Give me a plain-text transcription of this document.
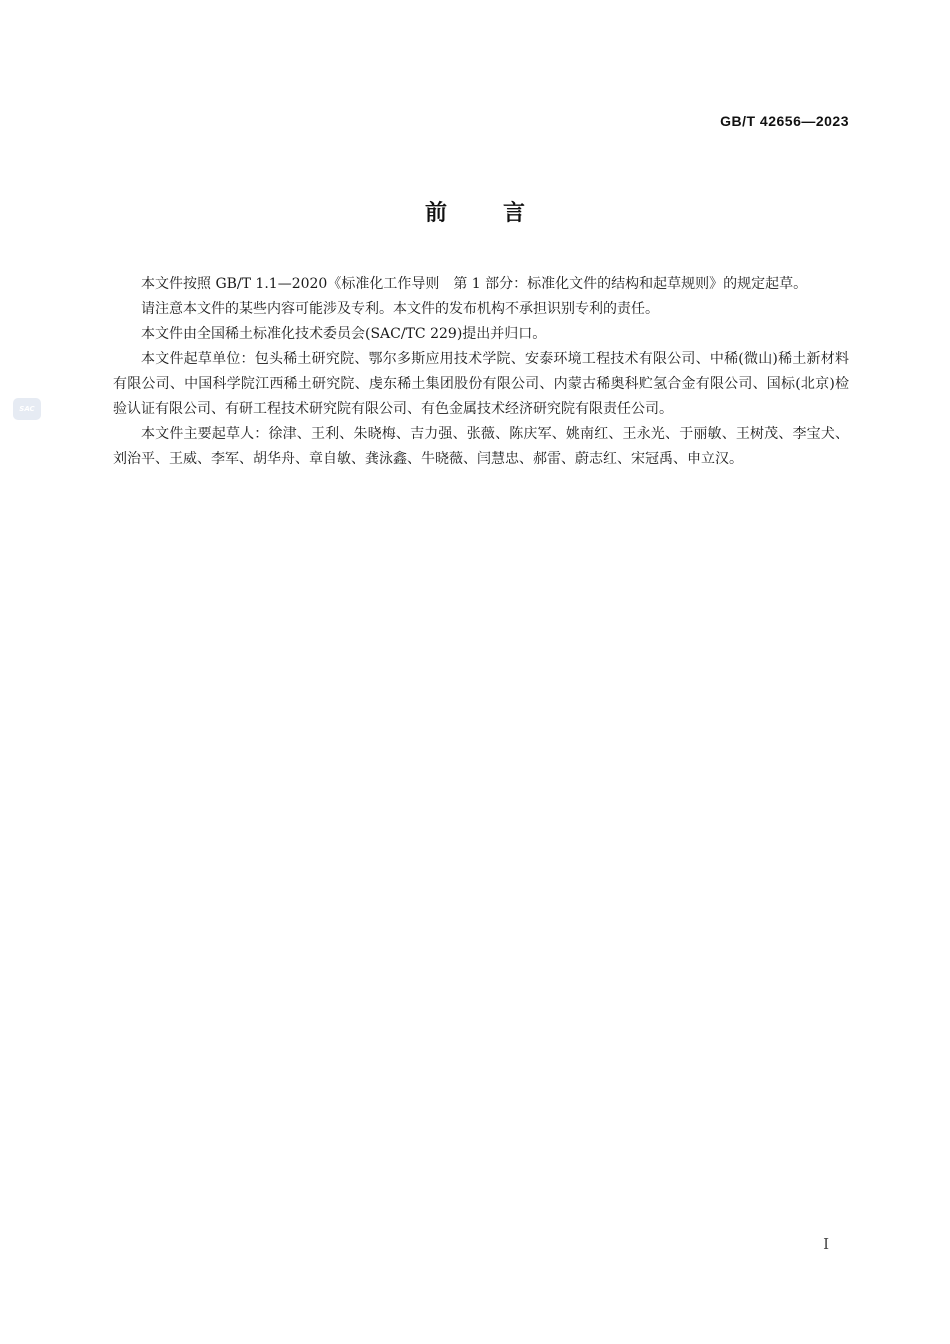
GB/T 42656—2023
SAC
前言

本文件按照 GB/T 1.1—2020《标准化工作导则　第 1 部分：标准化文件的结构和起草规则》的规定起草。

请注意本文件的某些内容可能涉及专利。本文件的发布机构不承担识别专利的责任。

本文件由全国稀土标准化技术委员会(SAC/TC 229)提出并归口。

本文件起草单位：包头稀土研究院、鄂尔多斯应用技术学院、安泰环境工程技术有限公司、中稀(微山)稀土新材料有限公司、中国科学院江西稀土研究院、虔东稀土集团股份有限公司、内蒙古稀奥科贮氢合金有限公司、国标(北京)检验认证有限公司、有研工程技术研究院有限公司、有色金属技术经济研究院有限责任公司。

本文件主要起草人：徐津、王利、朱晓梅、吉力强、张薇、陈庆军、姚南红、王永光、于丽敏、王树茂、李宝犬、刘治平、王威、李军、胡华舟、章自敏、龚泳鑫、牛晓薇、闫慧忠、郝雷、蔚志红、宋冠禹、申立汉。

I
